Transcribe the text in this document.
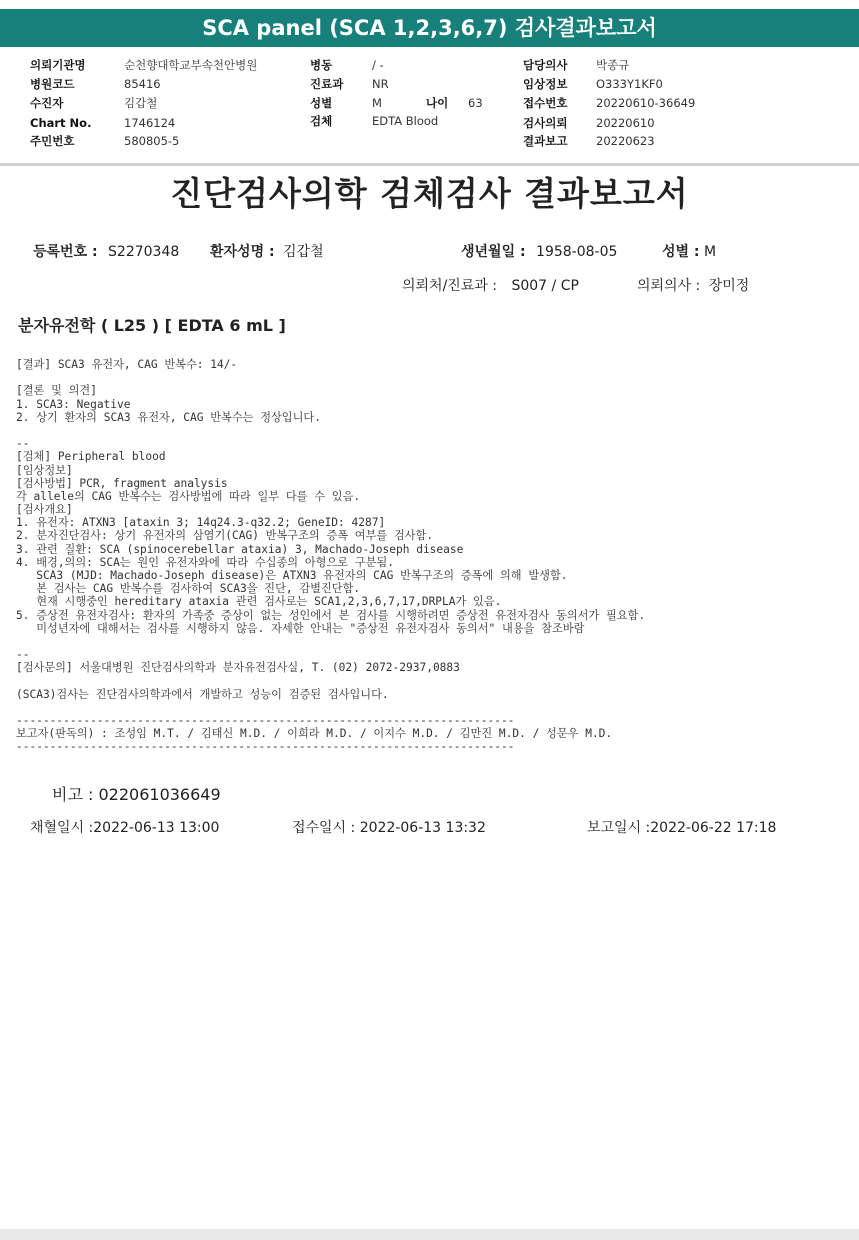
SCA panel (SCA 1,2,3,6,7) 검사결과보고서
의뢰기관명	순천향대학교부속천안병원
병원코드	85416
수진자	김갑철
Chart No.	1746124
주민번호	580805-5
병동	/ -
진료과 NR
성별	M	나이 63
검체	EDTA Blood
담당의사 박종규
임상정보 O333Y1KF0
접수번호 20220610-36649
검사의뢰 20220610
결과보고 20220623
진단검사의학 검체검사 결과보고서
등록번호 : S2270348 환자성명 : 김갑철	생년월일 : 1958-08-05	성별 : M
의뢰처/진료과 : S007 / CP	의뢰의사 : 장미정
분자유전학 ( L25 ) [ EDTA 6 mL ]
[결과] SCA3 유전자, CAG 반복수: 14/-
[결론 및 의견]
1. SCA3: Negative
2. 상기 환자의 SCA3 유전자, CAG 반복수는 정상입니다.
--
[검체] Peripheral blood
[임상정보]
[검사방법] PCR, fragment analysis
각 allele의 CAG 반복수는 검사방법에 따라 일부 다를 수 있음.
[검사개요]
1. 유전자: ATXN3 [ataxin 3; 14q24.3-q32.2; GeneID: 4287]
2. 분자진단검사: 상기 유전자의 삼염기(CAG) 반복구조의 증폭 여부를 검사함.
3. 관련 질환: SCA (spinocerebellar ataxia) 3, Machado-Joseph disease
4. 배경,의의: SCA는 원인 유전자와에 따라 수십종의 아형으로 구분됨.
SCA3 (MJD: Machado-Joseph disease)은 ATXN3 유전자의 CAG 반복구조의 증폭에 의해 발생함.
본 검사는 CAG 반복수를 검사하여 SCA3을 진단, 감별진단함.
현재 시행중인 hereditary ataxia 관련 검사로는 SCA1,2,3,6,7,17,DRPLA가 있음.
5. 증상전 유전자검사: 환자의 가족중 증상이 없는 성인에서 본 검사를 시행하려면 증상전 유전자검사 동의서가 필요함.
미성년자에 대해서는 검사를 시행하지 않음. 자세한 안내는 "증상전 유전자검사 동의서" 내용을 참조바람
--
[검사문의] 서울대병원 진단검사의학과 분자유전검사실, T. (02) 2072-2937,0883
(SCA3)검사는 진단검사의학과에서 개발하고 성능이 검증된 검사입니다.
--------------------------------------------------------------------------
보고자(판독의) : 조성임 M.T. / 김태신 M.D. / 이희라 M.D. / 이지수 M.D. / 김만진 M.D. / 성문우 M.D.
--------------------------------------------------------------------------
비고 : 022061036649
채혈일시 :2022-06-13 13:00	접수일시 : 2022-06-13 13:32	보고일시 :2022-06-22 17:18
